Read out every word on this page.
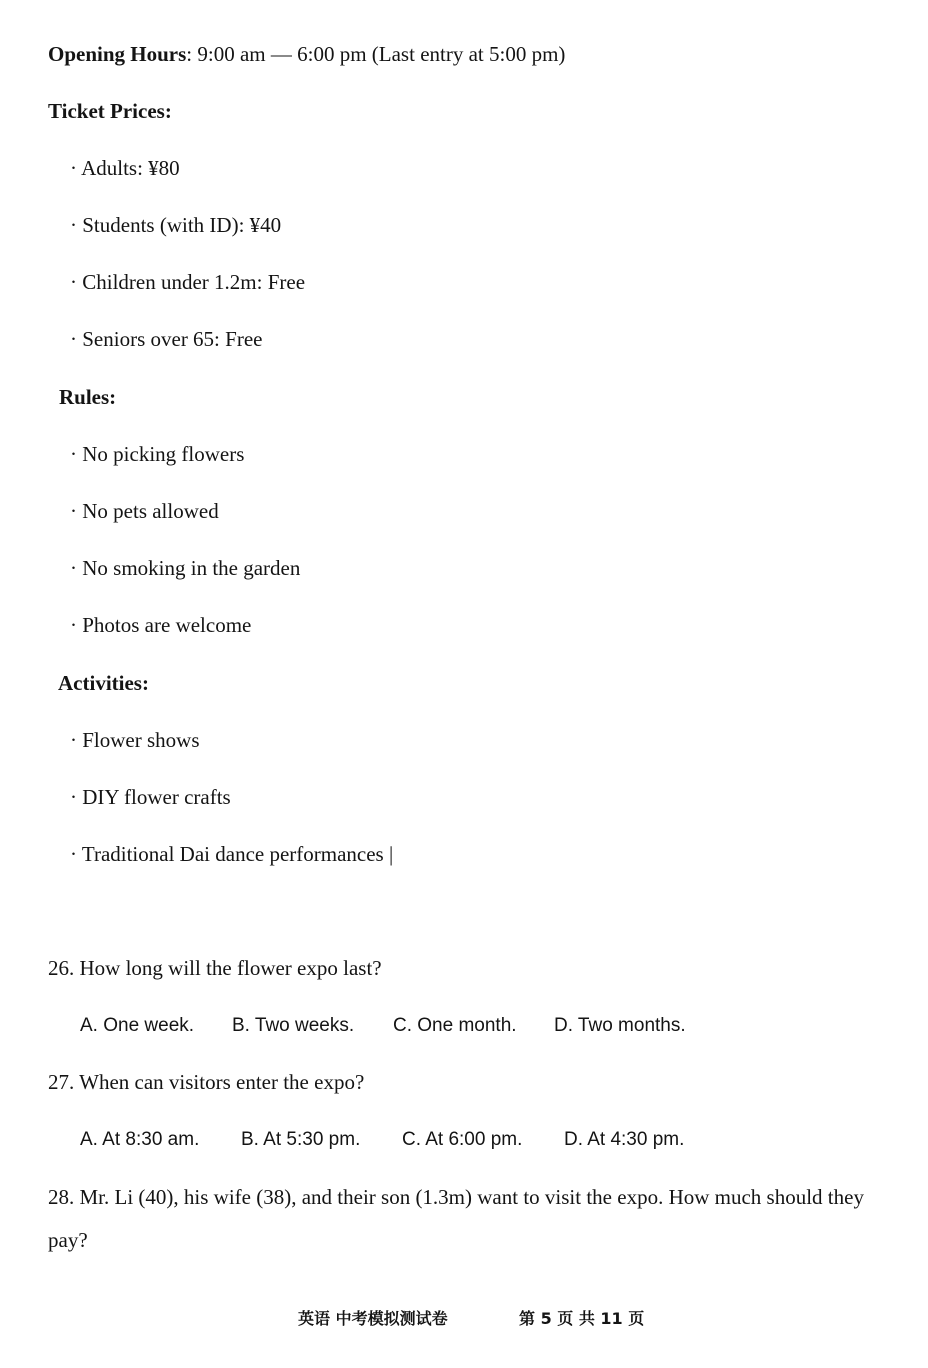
Opening Hours: 9:00 am — 6:00 pm (Last entry at 5:00 pm)
Ticket Prices:
· Adults: ¥80
· Students (with ID): ¥40
· Children under 1.2m: Free
· Seniors over 65: Free
Rules:
· No picking flowers
· No pets allowed
· No smoking in the garden
· Photos are welcome
Activities:
· Flower shows
· DIY flower crafts
· Traditional Dai dance performances |
26. How long will the flower expo last?
A. One week. B. Two weeks. C. One month. D. Two months.
27. When can visitors enter the expo?
A. At 8:30 am. B. At 5:30 pm. C. At 6:00 pm. D. At 4:30 pm.
28. Mr. Li (40), his wife (38), and their son (1.3m) want to visit the expo. How much should they
pay?
英语 中考模拟测试卷	第 5 页 共 11 页
